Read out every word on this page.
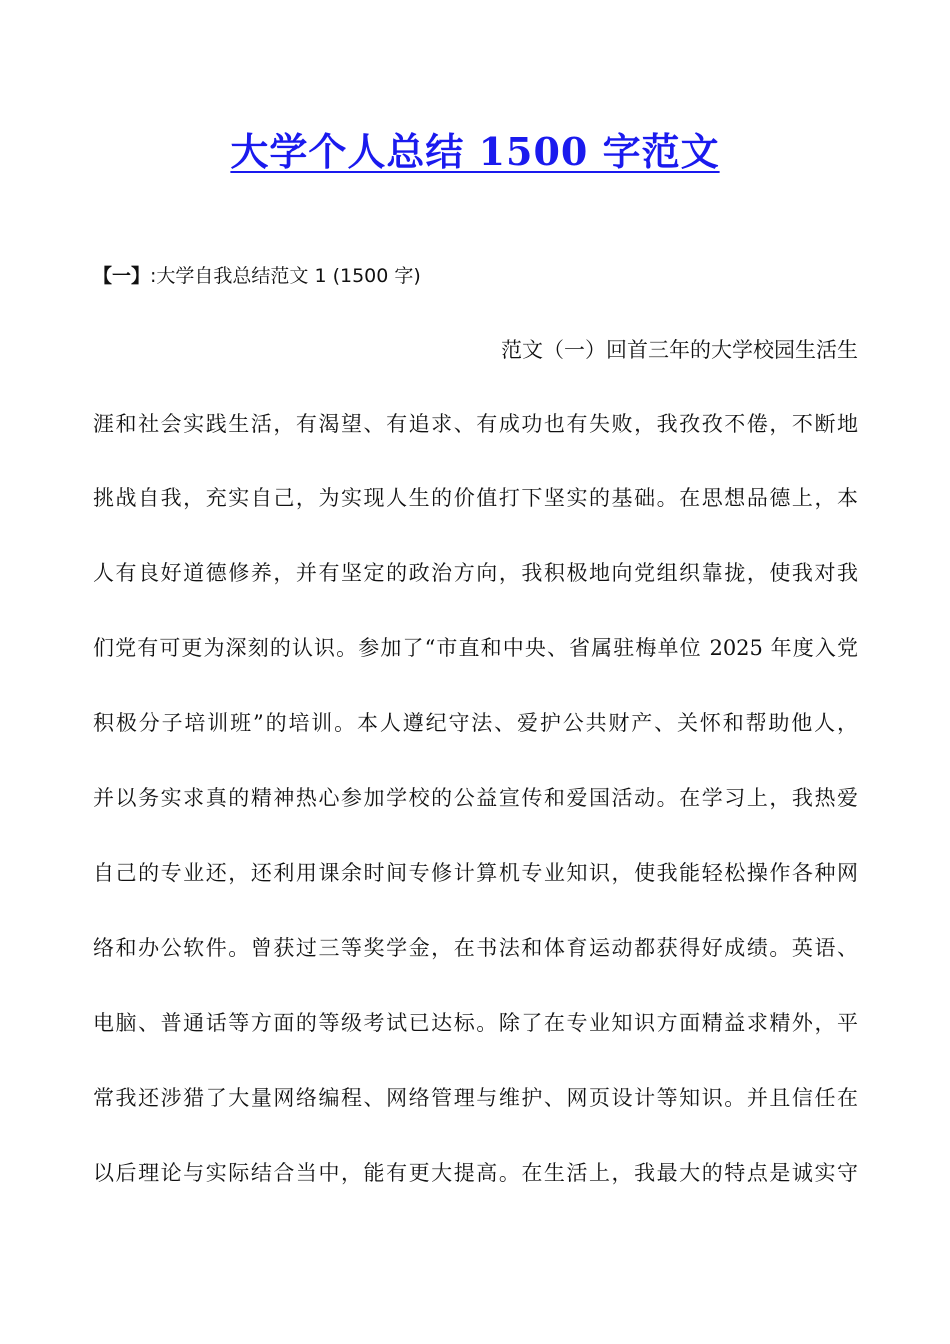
大学个人总结 1500 字范文
【一】:大学自我总结范文 1 (1500 字)
范文（一）回首三年的大学校园生活生
涯和社会实践生活，有渴望、有追求、有成功也有失败，我孜孜不倦，不断地
挑战自我，充实自己，为实现人生的价值打下坚实的基础。在思想品德上，本
人有良好道德修养，并有坚定的政治方向，我积极地向党组织靠拢，使我对我
们党有可更为深刻的认识。参加了“市直和中央、省属驻梅单位 2025 年度入党
积极分子培训班”的培训。本人遵纪守法、爱护公共财产、关怀和帮助他人，
并以务实求真的精神热心参加学校的公益宣传和爱国活动。在学习上，我热爱
自己的专业还，还利用课余时间专修计算机专业知识，使我能轻松操作各种网
络和办公软件。曾获过三等奖学金，在书法和体育运动都获得好成绩。英语、
电脑、普通话等方面的等级考试已达标。除了在专业知识方面精益求精外，平
常我还涉猎了大量网络编程、网络管理与维护、网页设计等知识。并且信任在
以后理论与实际结合当中，能有更大提高。在生活上，我最大的特点是诚实守
